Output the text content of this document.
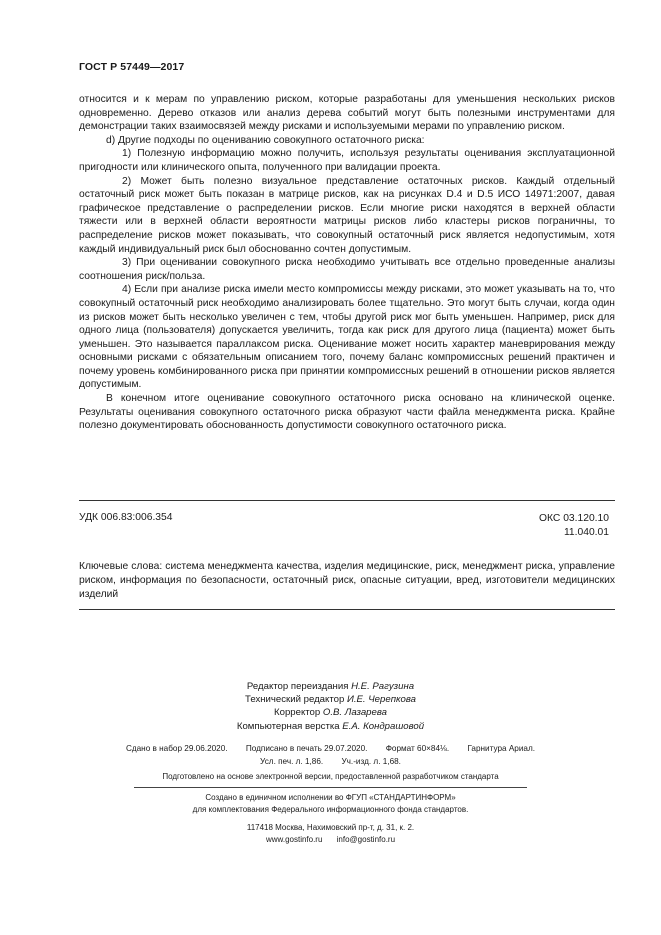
ГОСТ Р 57449—2017

относится и к мерам по управлению риском, которые разработаны для уменьшения нескольких рисков одновременно. Дерево отказов или анализ дерева событий могут быть полезными инструментами для демонстрации таких взаимосвязей между рисками и используемыми мерами по управлению риском.

d) Другие подходы по оцениванию совокупного остаточного риска:

1) Полезную информацию можно получить, используя результаты оценивания эксплуатационной пригодности или клинического опыта, полученного при валидации проекта.

2) Может быть полезно визуальное представление остаточных рисков. Каждый отдельный остаточный риск может быть показан в матрице рисков, как на рисунках D.4 и D.5 ИСО 14971:2007, давая графическое представление о распределении рисков. Если многие риски находятся в верхней области тяжести или в верхней области вероятности матрицы рисков либо кластеры рисков пограничны, то распределение рисков может показывать, что совокупный остаточный риск является недопустимым, хотя каждый индивидуальный риск был обоснованно сочтен допустимым.

3) При оценивании совокупного риска необходимо учитывать все отдельно проведенные анализы соотношения риск/польза.

4) Если при анализе риска имели место компромиссы между рисками, это может указывать на то, что совокупный остаточный риск необходимо анализировать более тщательно. Это могут быть случаи, когда один из рисков может быть несколько увеличен с тем, чтобы другой риск мог быть уменьшен. Например, риск для одного лица (пользователя) допускается увеличить, тогда как риск для другого лица (пациента) может быть уменьшен. Это называется параллаксом риска. Оценивание может носить характер маневрирования между основными рисками с обязательным описанием того, почему баланс компромиссных решений практичен и почему уровень комбинированного риска при принятии компромиссных решений в отношении рисков является допустимым.

В конечном итоге оценивание совокупного остаточного риска основано на клинической оценке. Результаты оценивания совокупного остаточного риска образуют части файла менеджмента риска. Крайне полезно документировать обоснованность допустимости совокупного остаточного риска.

УДК 006.83:006.354	ОКС 03.120.10
11.040.01
Ключевые слова: система менеджмента качества, изделия медицинские, риск, менеджмент риска, управление риском, информация по безопасности, остаточный риск, опасные ситуации, вред, изготовители медицинских изделий
Редактор переиздания Н.Е. Рагузина
Технический редактор И.Е. Черепкова
Корректор О.В. Лазарева
Компьютерная верстка Е.А. Кондрашовой
Сдано в набор 29.06.2020. Подписано в печать 29.07.2020. Формат 60×84⅛. Гарнитура Ариал.
Усл. печ. л. 1,86. Уч.-изд. л. 1,68.
Подготовлено на основе электронной версии, предоставленной разработчиком стандарта
Создано в единичном исполнении во ФГУП «СТАНДАРТИНФОРМ»
для комплектования Федерального информационного фонда стандартов.
117418 Москва, Нахимовский пр-т, д. 31, к. 2.
www.gostinfo.ru info@gostinfo.ru
